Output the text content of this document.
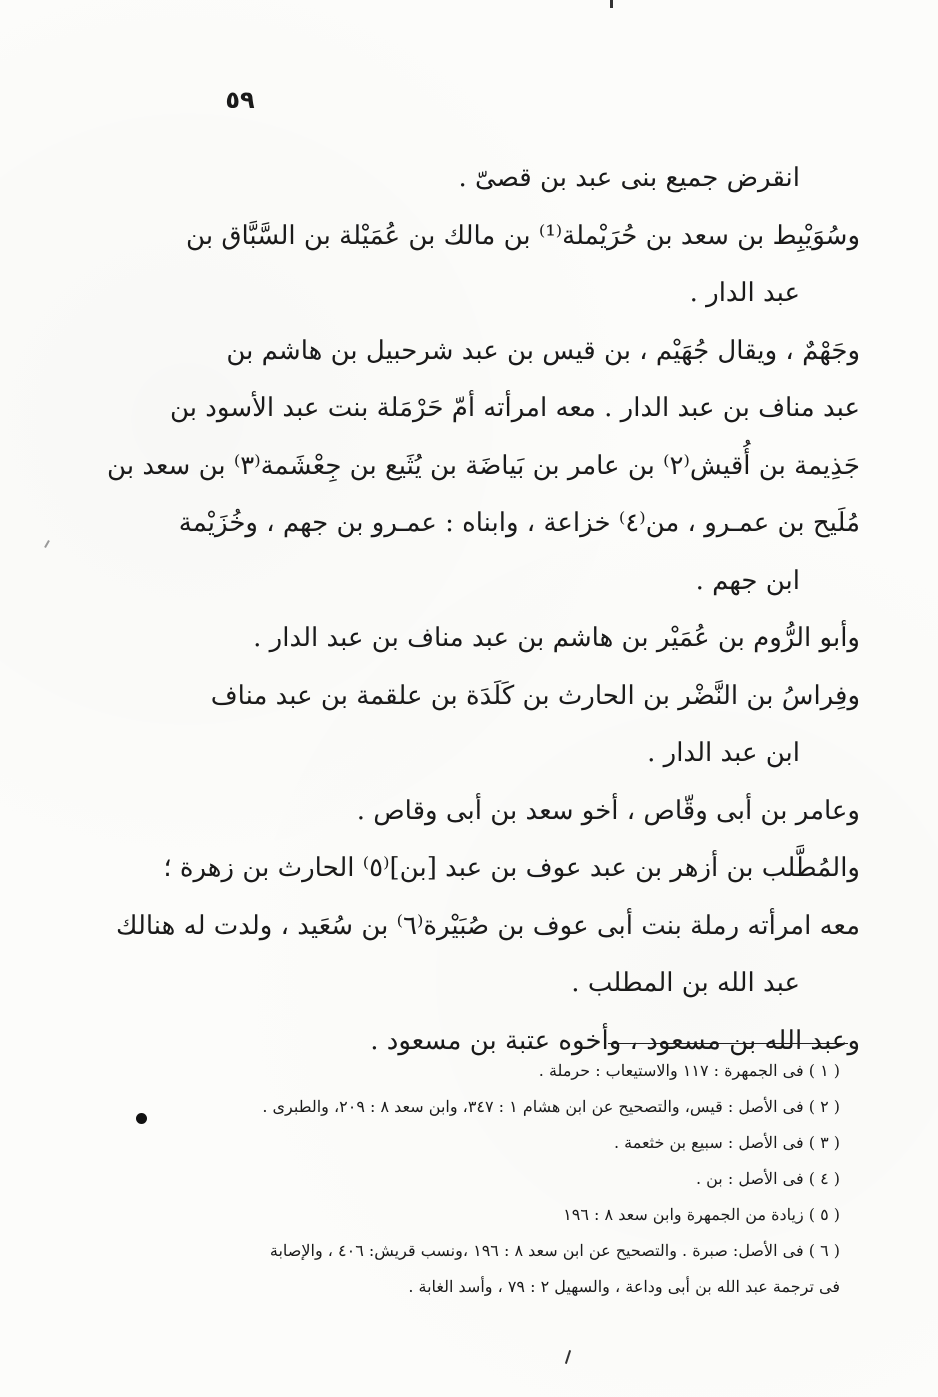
٥٩
انقرض جميع بنى عبد بن قصىّ .
وسُوَيْبِط بن سعد بن حُرَيْملة⁽¹⁾ بن مالك بن عُمَيْلة بن السَّبَّاق بن
عبد الدار .
وجَهْمٌ ، ويقال جُهَيْم ، بن قيس بن عبد شرحبيل بن هاشم بن
عبد مناف بن عبد الدار . معه امرأته أمّ حَرْمَلة بنت عبد الأسود بن
جَذِيمة بن أُقيش⁽٢⁾ بن عامر بن بَياضَة بن يُثَيع بن جِعْشَمة⁽٣⁾ بن سعد بن
مُلَيح بن عمـرو ، من⁽٤⁾ خزاعة ، وابناه : عمـرو بن جهم ، وخُزَيْمة
ابن جهم .
وأبو الرُّوم بن عُمَيْر بن هاشم بن عبد مناف بن عبد الدار .
وفِراسُ بن النَّضْر بن الحارث بن كَلَدَة بن علقمة بن عبد مناف
ابن عبد الدار .
وعامر بن أبى وقّاص ، أخو سعد بن أبى وقاص .
والمُطَّلب بن أزهر بن عبد عوف بن عبد [بن]⁽٥⁾ الحارث بن زهرة ؛
معه امرأته رملة بنت أبى عوف بن صُبَيْرة⁽٦⁾ بن سُعَيد ، ولدت له هنالك
عبد الله بن المطلب .
وعبد الله بن مسعود ، وأخوه عتبة بن مسعود .
( ١ ) فى الجمهرة : ١١٧ والاستيعاب : حرملة .
( ٢ ) فى الأصل : قيس، والتصحيح عن ابن هشام ١ : ٣٤٧، وابن سعد ٨ : ٢٠٩، والطبرى .
( ٣ ) فى الأصل : سبيع بن خثعمة .
( ٤ ) فى الأصل : بن .
( ٥ ) زيادة من الجمهرة وابن سعد ٨ : ١٩٦
( ٦ ) فى الأصل: صبرة . والتصحيح عن ابن سعد ٨ : ١٩٦ ،ونسب قريش: ٤٠٦ ، والإصابة
فى ترجمة عبد الله بن أبى وداعة ، والسهيل ٢ : ٧٩ ، وأسد الغابة .
